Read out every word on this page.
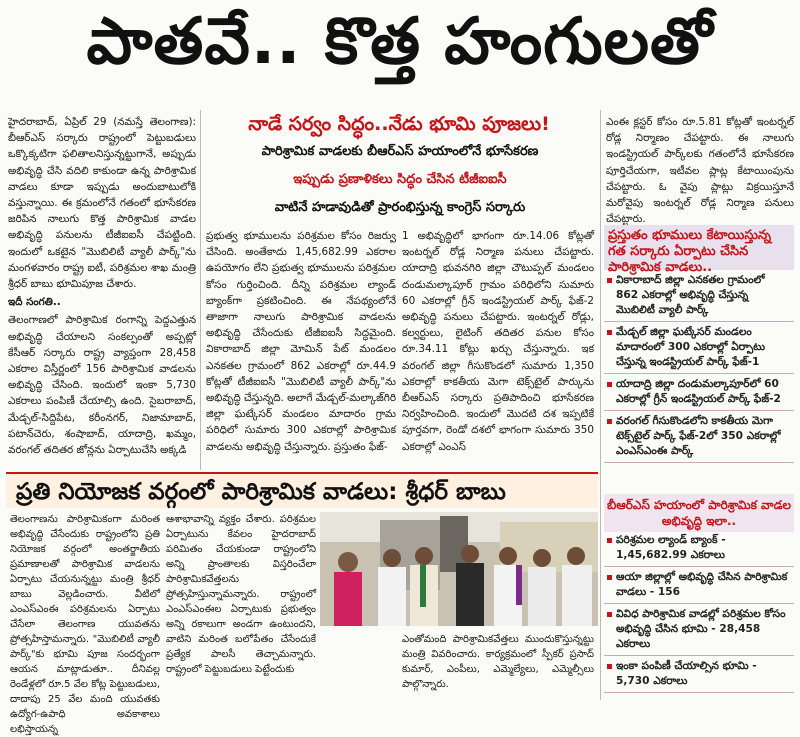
పాతవే.. కొత్త హంగులతో

హైదరాబాద్, ఏప్రిల్ 29 (నమస్తే తెలంగాణ): బీఆర్ఎస్ సర్కారు రాష్ట్రంలో పెట్టుబడులు ఒక్కొక్కటిగా ఫలితాలనిస్తున్నట్టుగానే, అప్పుడు అభివృద్ధి చేసి వదిలి కాకుండా ఉన్న పారిశ్రామిక వాడలు కూడా ఇప్పుడు అందుబాటులోకి వస్తున్నాయి. ఈ క్రమంలోనే గతంలో భూసేకరణ జరిపిన నాలుగు కొత్త పారిశ్రామిక వాడల అభివృద్ధి పనులను టీజీఐఐసీ చేపట్టింది. ఇందులో ఒకటైన "మొబిలిటీ వ్యాలీ పార్క్"ను మంగళవారం రాష్ట్ర ఐటీ, పరిశ్రమల శాఖ మంత్రి శ్రీధర్ బాబు భూమిపూజ చేశారు.

ఇదీ సంగతి..

తెలంగాణలో పారిశ్రామిక రంగాన్ని పెద్దఎత్తున అభివృద్ధి చేయాలని సంకల్పంతో అప్పట్లో కేసీఆర్ సర్కారు రాష్ట్ర వ్యాప్తంగా 28,458 ఎకరాల విస్తీర్ణంలో 156 పారిశ్రామిక వాడలను అభివృద్ధి చేసింది. ఇందులో ఇంకా 5,730 ఎకరాలు పంపిణీ చేయాల్సి ఉంది. సైబరాబాద్, మేడ్చల్-సిద్దిపేట, కరీంనగర్, నిజామాబాద్, పటాన్‌చెరు, శంషాబాద్, యాదాద్రి, ఖమ్మం, వరంగల్ తదితర జోన్లను ఏర్పాటుచేసి అక్కడి

నాడే సర్వం సిద్ధం..నేడు భూమి పూజలు!
పారిశ్రామిక వాడలకు బీఆర్ఎస్ హయాంలోనే భూసేకరణ
ఇప్పుడు ప్రణాళికలు సిద్ధం చేసిన టీజీఐఐసీ
వాటినే హడావుడితో ప్రారంభిస్తున్న కాంగ్రెస్ సర్కారు
ప్రభుత్వ భూములను పరిశ్రమల కోసం రిజర్వు చేసింది. అంతేకాదు 1,45,682.99 ఎకరాల ఉపయోగం లేని ప్రభుత్వ భూములను పరిశ్రమల కోసం గుర్తించింది. దీన్ని పరిశ్రమల ల్యాండ్ బ్యాంక్‌గా ప్రకటించింది. ఈ నేపథ్యంలోనే తాజాగా నాలుగు పారిశ్రామిక వాడలను అభివృద్ధి చేసేందుకు టీజీఐఐసీ సిద్ధమైంది. వికారాబాద్ జిల్లా మోమిన్ పేట్ మండలం ఎనకతల గ్రామంలో 862 ఎకరాల్లో రూ.44.9 కోట్లతో టీజీఐఐసీ "మొబిలిటీ వ్యాలీ పార్క్"ను అభివృద్ధి చేస్తున్నది. అలాగే మేడ్చల్-మల్కాజ్‌గిరి జిల్లా ఘట్కేసర్ మండలం మాదారం గ్రామ పరిధిలో సుమారు 300 ఎకరాల్లో పారిశ్రామిక వాడలను అభివృద్ధి చేస్తున్నారు. ప్రస్తుతం ఫేజ్-
1 అభివృద్ధిలో భాగంగా రూ.14.06 కోట్లతో ఇంటర్నల్ రోడ్ల నిర్మాణ పనులు చేపట్టారు. యాదాద్రి భువనగిరి జిల్లా చౌటుప్పల్ మండలం దండుమల్కాపూర్ గ్రామం పరిధిలోని సుమారు 60 ఎకరాల్లో గ్రీన్ ఇండస్ట్రియల్ పార్క్ ఫేజ్-2 అభివృద్ధి పనులు చేపట్టారు. ఇంటర్నల్ రోడ్లు, కల్వర్టులు, లైటింగ్ తదితర పనుల కోసం రూ.34.11 కోట్లు ఖర్చు చేస్తున్నారు. ఇక వరంగల్ జిల్లా గీసుకొండలో సుమారు 1,350 ఎకరాల్లో కాకతీయ మెగా టెక్స్‌టైల్ పార్కును బీఆర్ఎస్ సర్కారు ప్రతిపాదించి భూసేకరణ నిర్వహించింది. ఇందులో మొదటి దశ ఇప్పటికే పూర్తవగా, రెండో దశలో భాగంగా సుమారు 350 ఎకరాల్లో ఎంఎస్
ఎంఈ క్లస్టర్ కోసం రూ.5.81 కోట్లతో ఇంటర్నల్ రోడ్ల నిర్మాణం చేపట్టారు. ఈ నాలుగు ఇండస్ట్రియల్ పార్క్‌లకు గతంలోనే భూసేకరణ పూర్తిచేయగా, ఇటీవల ప్లాట్ల కేటాయింపును చేపట్టారు. ఓ వైపు ప్లాట్లు విక్రయిస్తూనే మరోవైపు ఇంటర్నల్ రోడ్ల నిర్మాణ పనులు చేపట్టారు.
ప్రస్తుతం భూములు కేటాయిస్తున్న గత సర్కారు ఏర్పాటు చేసిన పారిశ్రామిక వాడలు..
వికారాబాద్ జిల్లా ఎనకతల గ్రామంలో 862 ఎకరాల్లో అభివృద్ధి చేస్తున్న మొబిలిటీ వ్యాలీ పార్క్
మేడ్చల్ జిల్లా ఘట్కేసర్ మండలం మాదారంలో 300 ఎకరాల్లో ఏర్పాటు చేస్తున్న ఇండస్ట్రియల్ పార్క్ ఫేజ్-1
యాదాద్రి జిల్లా దండుమల్కాపూర్‌లో 60 ఎకరాల్లో గ్రీన్ ఇండస్ట్రియల్ పార్క్ ఫేజ్-2
వరంగల్ గీసుకొండలోని కాకతీయ మెగా టెక్స్‌టైల్ పార్క్ ఫేజ్-2లో 350 ఎకరాల్లో ఎంఎస్ఎంఈ పార్క్
బీఆర్ఎస్ హయాంలో పారిశ్రామిక వాడల అభివృద్ధి ఇలా..
పరిశ్రమల ల్యాండ్ బ్యాంక్ - 1,45,682.99 ఎకరాలు
ఆయా జిల్లాల్లో అభివృద్ధి చేసిన పారిశ్రామిక వాడలు - 156
వివిధ పారిశ్రామిక వాడల్లో పరిశ్రమల కోసం అభివృద్ధి చేసిన భూమి - 28,458 ఎకరాలు
ఇంకా పంపిణీ చేయాల్సిన భూమి - 5,730 ఎకరాలు
ప్రతి నియోజక వర్గంలో పారిశ్రామిక వాడలు: శ్రీధర్ బాబు
తెలంగాణను పారిశ్రామికంగా మరింత అభివృద్ధి చేసేందుకు రాష్ట్రంలోని ప్రతి నియోజక వర్గంలో అంతర్జాతీయ ప్రమాణాలతో పారిశ్రామిక వాడలను ఏర్పాటు చేయనున్నట్టు మంత్రి శ్రీధర్ బాబు వెల్లడించారు. వీటిలో ఎంఎస్ఎంఈ పరిశ్రమలను ఏర్పాటు చేసేలా తెలంగాణ యువతను ప్రోత్సహిస్తామన్నారు. "మొబిలిటీ వ్యాలీ పార్క్"కు భూమి పూజ సందర్భంగా ఆయన మాట్లాడుతూ.. దీనివల్ల రెండేళ్లలో రూ.5 వేల కోట్ల పెట్టుబడులు, దాదాపు 25 వేల మంది యువతకు ఉద్యోగ-ఉపాధి అవకాశాలు లభిస్తాయన్న
ఆశాభావాన్ని వ్యక్తం చేశారు. పరిశ్రమల ఏర్పాటును కేవలం హైదరాబాద్ పరిమితం చేయకుండా రాష్ట్రంలోని అన్ని ప్రాంతాలకు విస్తరించేలా పారిశ్రామికవేత్తలను ప్రోత్సహిస్తున్నామన్నారు. రాష్ట్రంలో ఎంఎస్ఎంఈల ఏర్పాటుకు ప్రభుత్వం అన్ని రకాలుగా అండగా ఉంటుందని, వాటిని మరింత బలోపేతం చేసేందుకే ప్రత్యేక పాలసీ తెచ్చామన్నారు. రాష్ట్రంలో పెట్టుబడులు పెట్టేందుకు
ఎంతోమంది పారిశ్రామికవేత్తలు ముందుకొస్తున్నట్టు మంత్రి వివరించారు. కార్యక్రమంలో స్పీకర్ ప్రసాద్ కుమార్, ఎంపీలు, ఎమ్మెల్యేలు, ఎమ్మెల్సీలు పాల్గొన్నారు.
